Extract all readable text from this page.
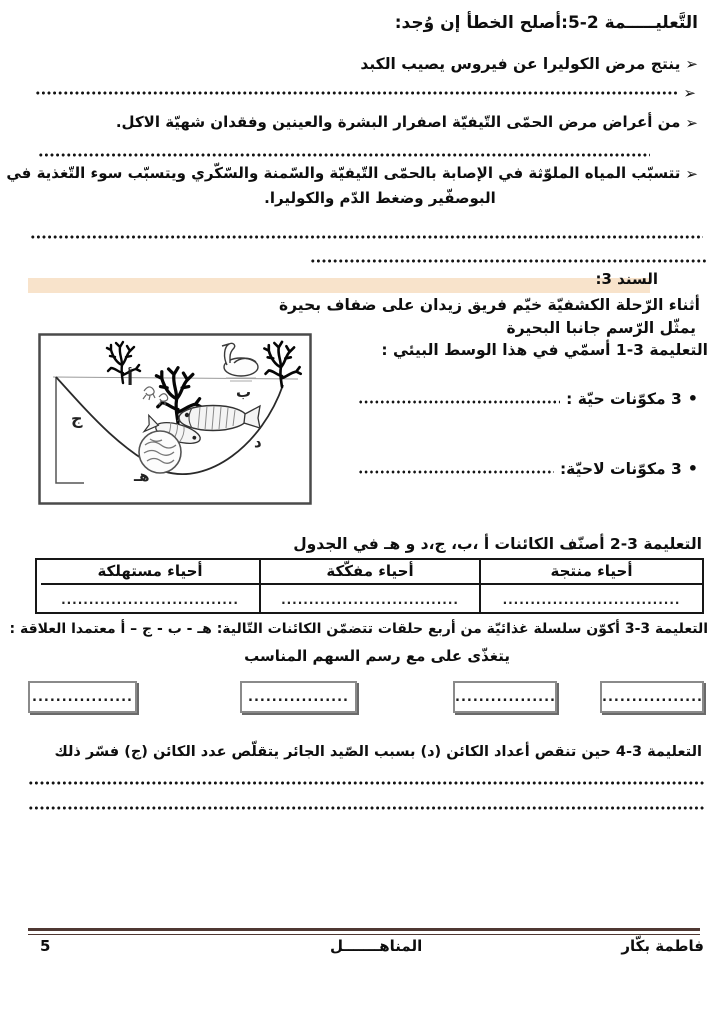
التَّعليـــــمة 2-5:أصلح الخطأ إن وُجد:
➢
ينتج مرض الكوليرا عن فيروس يصيب الكبد
➢
➢
من أعراض مرض الحمّى التّيفيّة اصفرار البشرة والعينين وفقدان شهيّة الاكل.
➢
تتسبّب المياه الملوّثة في الإصابة بالحمّى التّيفيّة والسّمنة والسّكّري ويتسبّب سوء التّغذية في
البوصفّير وضغط الدّم والكوليرا.
السند 3:
أثناء الرّحلة الكشفيّة خيّم فريق زيدان على ضفاف بحيرة
يمثّل الرّسم جانبا البحيرة
التعليمة 3-1 أسمّي في هذا الوسط البيئي :
أ
ب
ج
د
هـ
•
3 مكوّنات حيّة :
•
3 مكوّنات لاحيّة:
التعليمة 3-2 أصنّف الكائنات أ ،ب، ج،د و هـ في الجدول
أحياء منتجة
أحياء مفكّكة
أحياء مستهلكة
................................
................................
................................
التعليمة 3-3 أكوّن سلسلة غذائيّة من أربع حلقات تتضمّن الكائنات التّالية: هـ - ب - ج – أ معتمدا العلاقة :
يتغذّى على مع رسم السهم المناسب
.................
.................
.................
.................
التعليمة 3-4 حين تنقص أعداد الكائن (د) بسبب الصّيد الجائر يتقلّص عدد الكائن (ج) فسّر ذلك
فاطمة بكّار
المناهـــــــل
5
